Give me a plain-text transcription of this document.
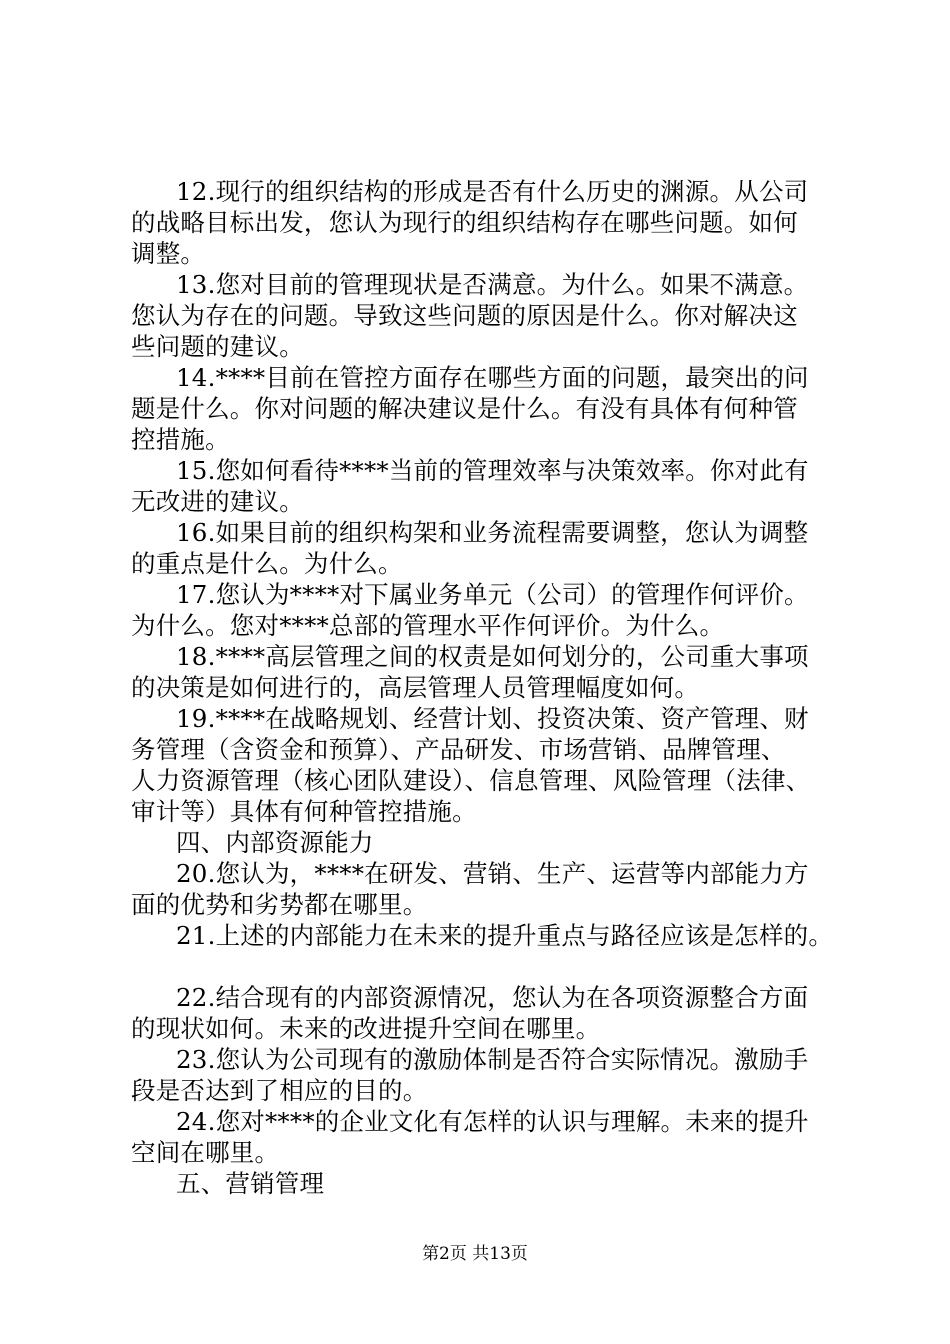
12.现行的组织结构的形成是否有什么历史的渊源。从公司
的战略目标出发，您认为现行的组织结构存在哪些问题。如何
调整。
13.您对目前的管理现状是否满意。为什么。如果不满意。
您认为存在的问题。导致这些问题的原因是什么。你对解决这
些问题的建议。
14.****目前在管控方面存在哪些方面的问题，最突出的问
题是什么。你对问题的解决建议是什么。有没有具体有何种管
控措施。
15.您如何看待****当前的管理效率与决策效率。你对此有
无改进的建议。
16.如果目前的组织构架和业务流程需要调整，您认为调整
的重点是什么。为什么。
17.您认为****对下属业务单元（公司）的管理作何评价。
为什么。您对****总部的管理水平作何评价。为什么。
18.****高层管理之间的权责是如何划分的，公司重大事项
的决策是如何进行的，高层管理人员管理幅度如何。
19.****在战略规划、经营计划、投资决策、资产管理、财
务管理（含资金和预算）、产品研发、市场营销、品牌管理、
人力资源管理（核心团队建设）、信息管理、风险管理（法律、
审计等）具体有何种管控措施。
四、内部资源能力
20.您认为，****在研发、营销、生产、运营等内部能力方
面的优势和劣势都在哪里。
21.上述的内部能力在未来的提升重点与路径应该是怎样的。
22.结合现有的内部资源情况，您认为在各项资源整合方面
的现状如何。未来的改进提升空间在哪里。
23.您认为公司现有的激励体制是否符合实际情况。激励手
段是否达到了相应的目的。
24.您对****的企业文化有怎样的认识与理解。未来的提升
空间在哪里。
五、营销管理
第2页 共13页
